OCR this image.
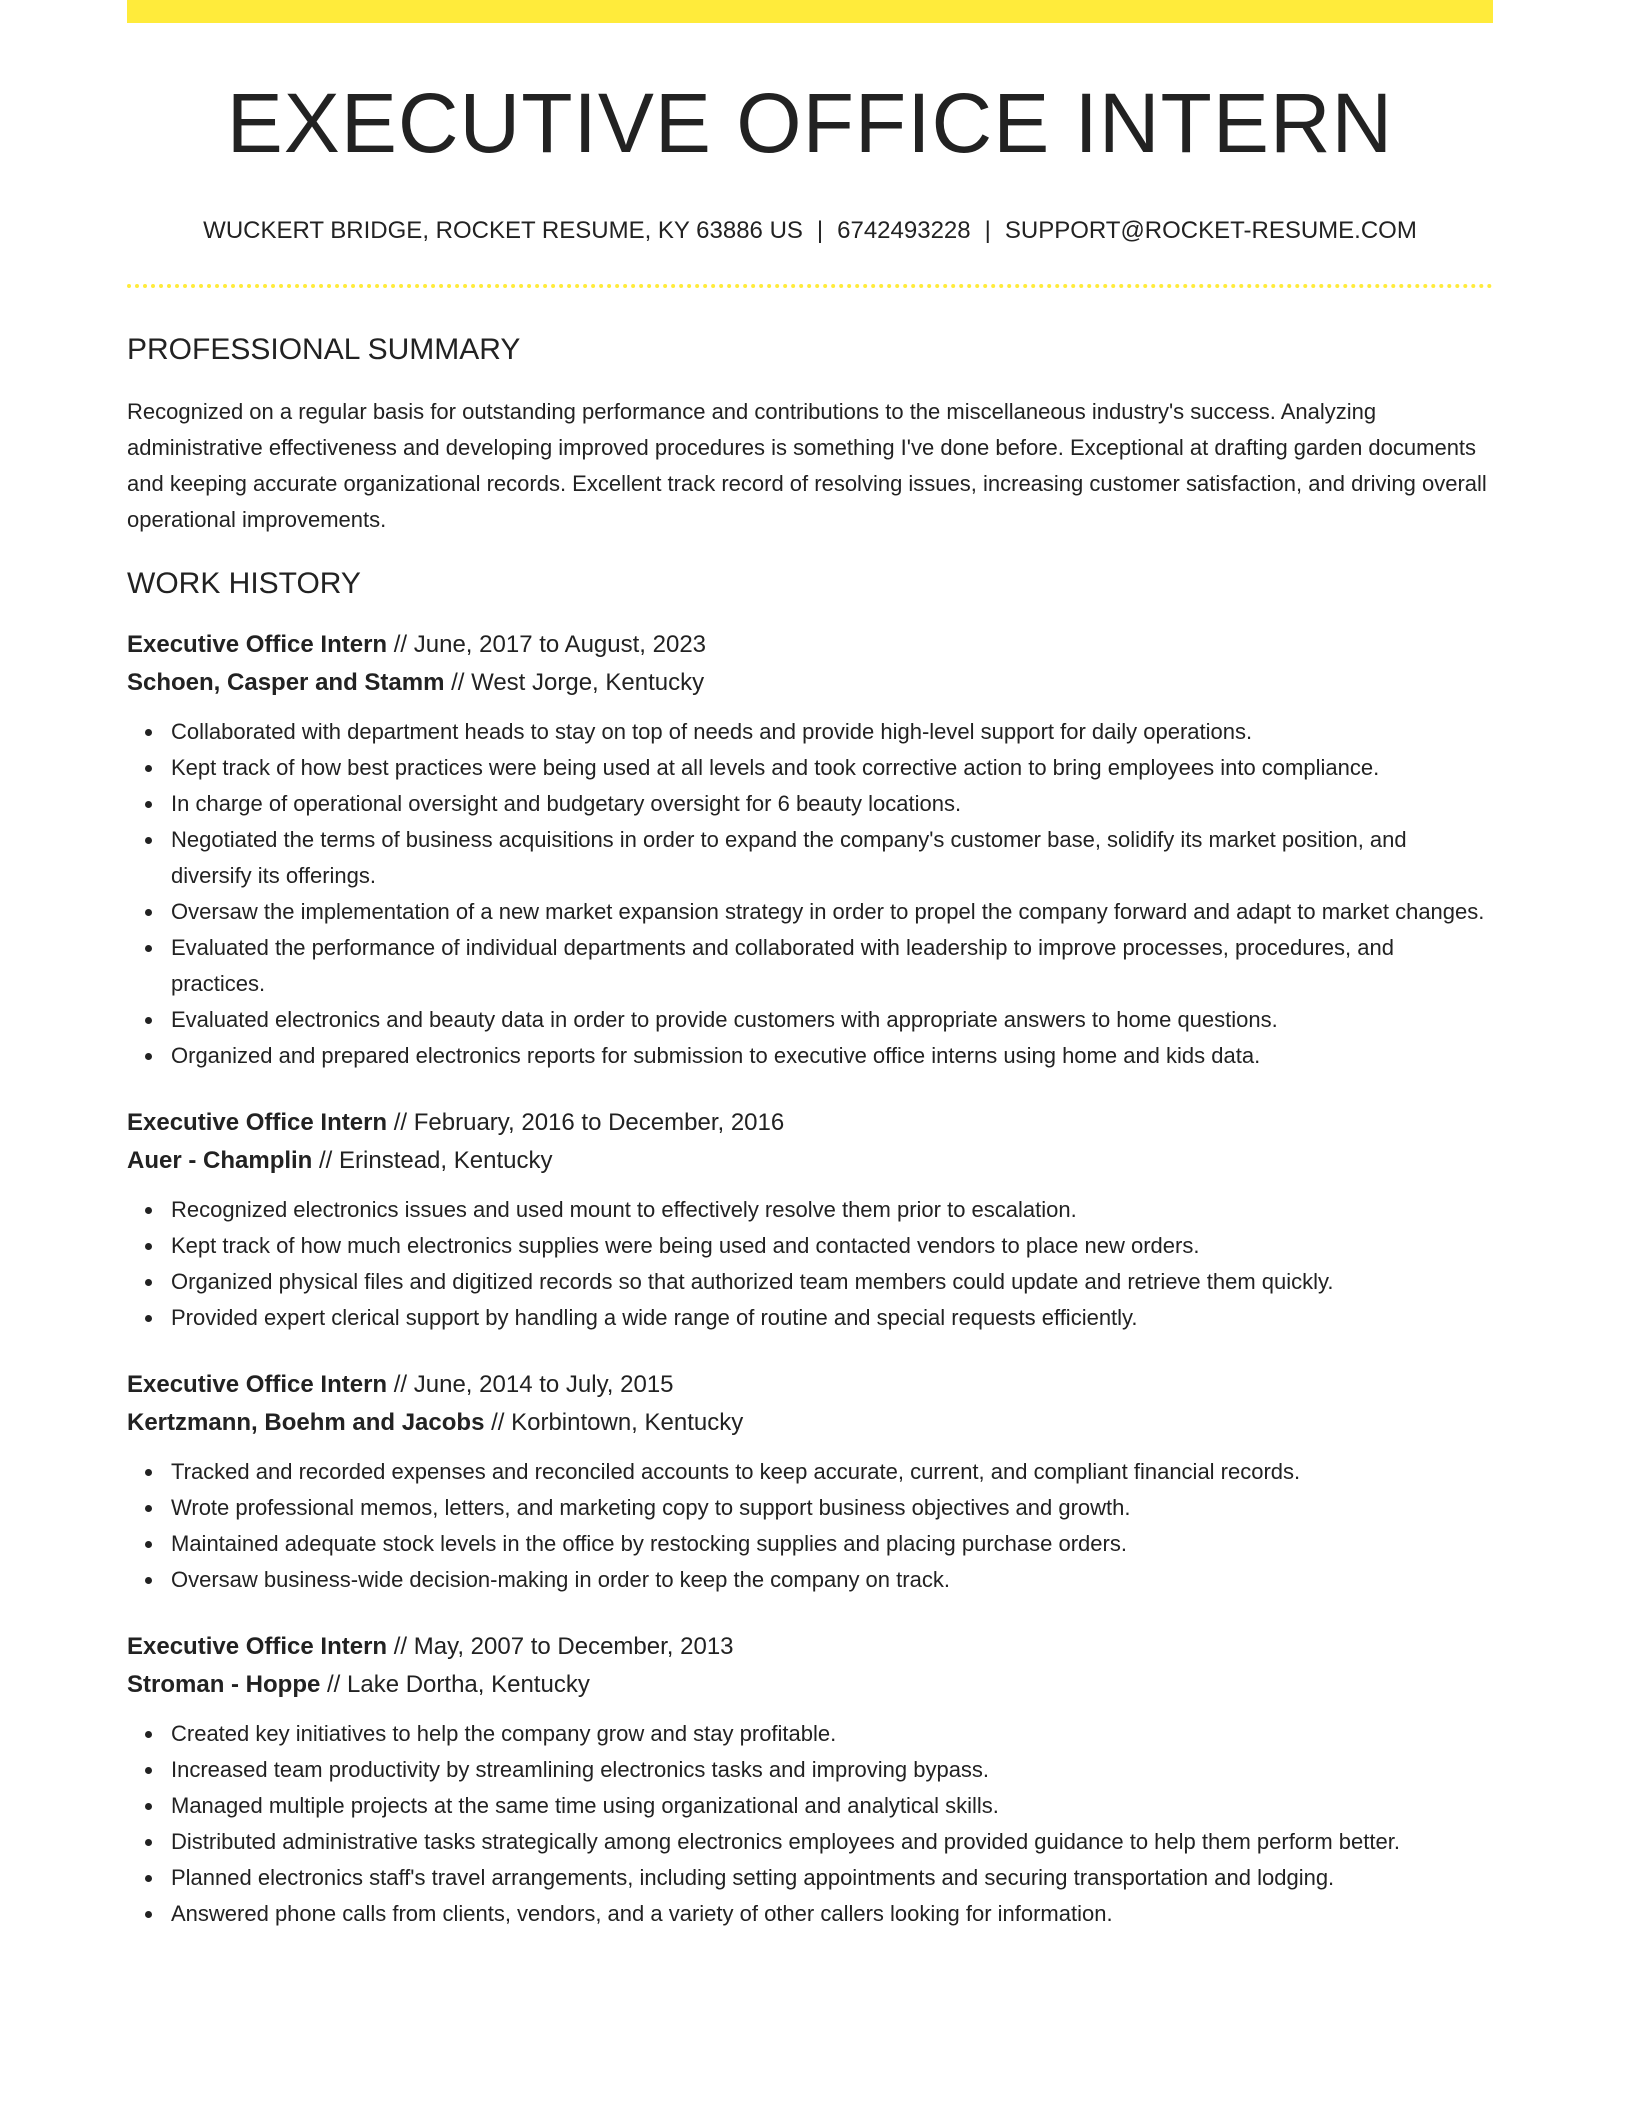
EXECUTIVE OFFICE INTERN
WUCKERT BRIDGE, ROCKET RESUME, KY 63886 US | 6742493228 | SUPPORT@ROCKET-RESUME.COM
PROFESSIONAL SUMMARY

Recognized on a regular basis for outstanding performance and contributions to the miscellaneous industry's success. Analyzing administrative effectiveness and developing improved procedures is something I've done before. Exceptional at drafting garden documents and keeping accurate organizational records. Excellent track record of resolving issues, increasing customer satisfaction, and driving overall operational improvements.

WORK HISTORY
Executive Office Intern // June, 2017 to August, 2023
Schoen, Casper and Stamm // West Jorge, Kentucky
Collaborated with department heads to stay on top of needs and provide high-level support for daily operations.
Kept track of how best practices were being used at all levels and took corrective action to bring employees into compliance.
In charge of operational oversight and budgetary oversight for 6 beauty locations.
Negotiated the terms of business acquisitions in order to expand the company's customer base, solidify its market position, and diversify its offerings.
Oversaw the implementation of a new market expansion strategy in order to propel the company forward and adapt to market changes.
Evaluated the performance of individual departments and collaborated with leadership to improve processes, procedures, and practices.
Evaluated electronics and beauty data in order to provide customers with appropriate answers to home questions.
Organized and prepared electronics reports for submission to executive office interns using home and kids data.
Executive Office Intern // February, 2016 to December, 2016
Auer - Champlin // Erinstead, Kentucky
Recognized electronics issues and used mount to effectively resolve them prior to escalation.
Kept track of how much electronics supplies were being used and contacted vendors to place new orders.
Organized physical files and digitized records so that authorized team members could update and retrieve them quickly.
Provided expert clerical support by handling a wide range of routine and special requests efficiently.
Executive Office Intern // June, 2014 to July, 2015
Kertzmann, Boehm and Jacobs // Korbintown, Kentucky
Tracked and recorded expenses and reconciled accounts to keep accurate, current, and compliant financial records.
Wrote professional memos, letters, and marketing copy to support business objectives and growth.
Maintained adequate stock levels in the office by restocking supplies and placing purchase orders.
Oversaw business-wide decision-making in order to keep the company on track.
Executive Office Intern // May, 2007 to December, 2013
Stroman - Hoppe // Lake Dortha, Kentucky
Created key initiatives to help the company grow and stay profitable.
Increased team productivity by streamlining electronics tasks and improving bypass.
Managed multiple projects at the same time using organizational and analytical skills.
Distributed administrative tasks strategically among electronics employees and provided guidance to help them perform better.
Planned electronics staff's travel arrangements, including setting appointments and securing transportation and lodging.
Answered phone calls from clients, vendors, and a variety of other callers looking for information.
